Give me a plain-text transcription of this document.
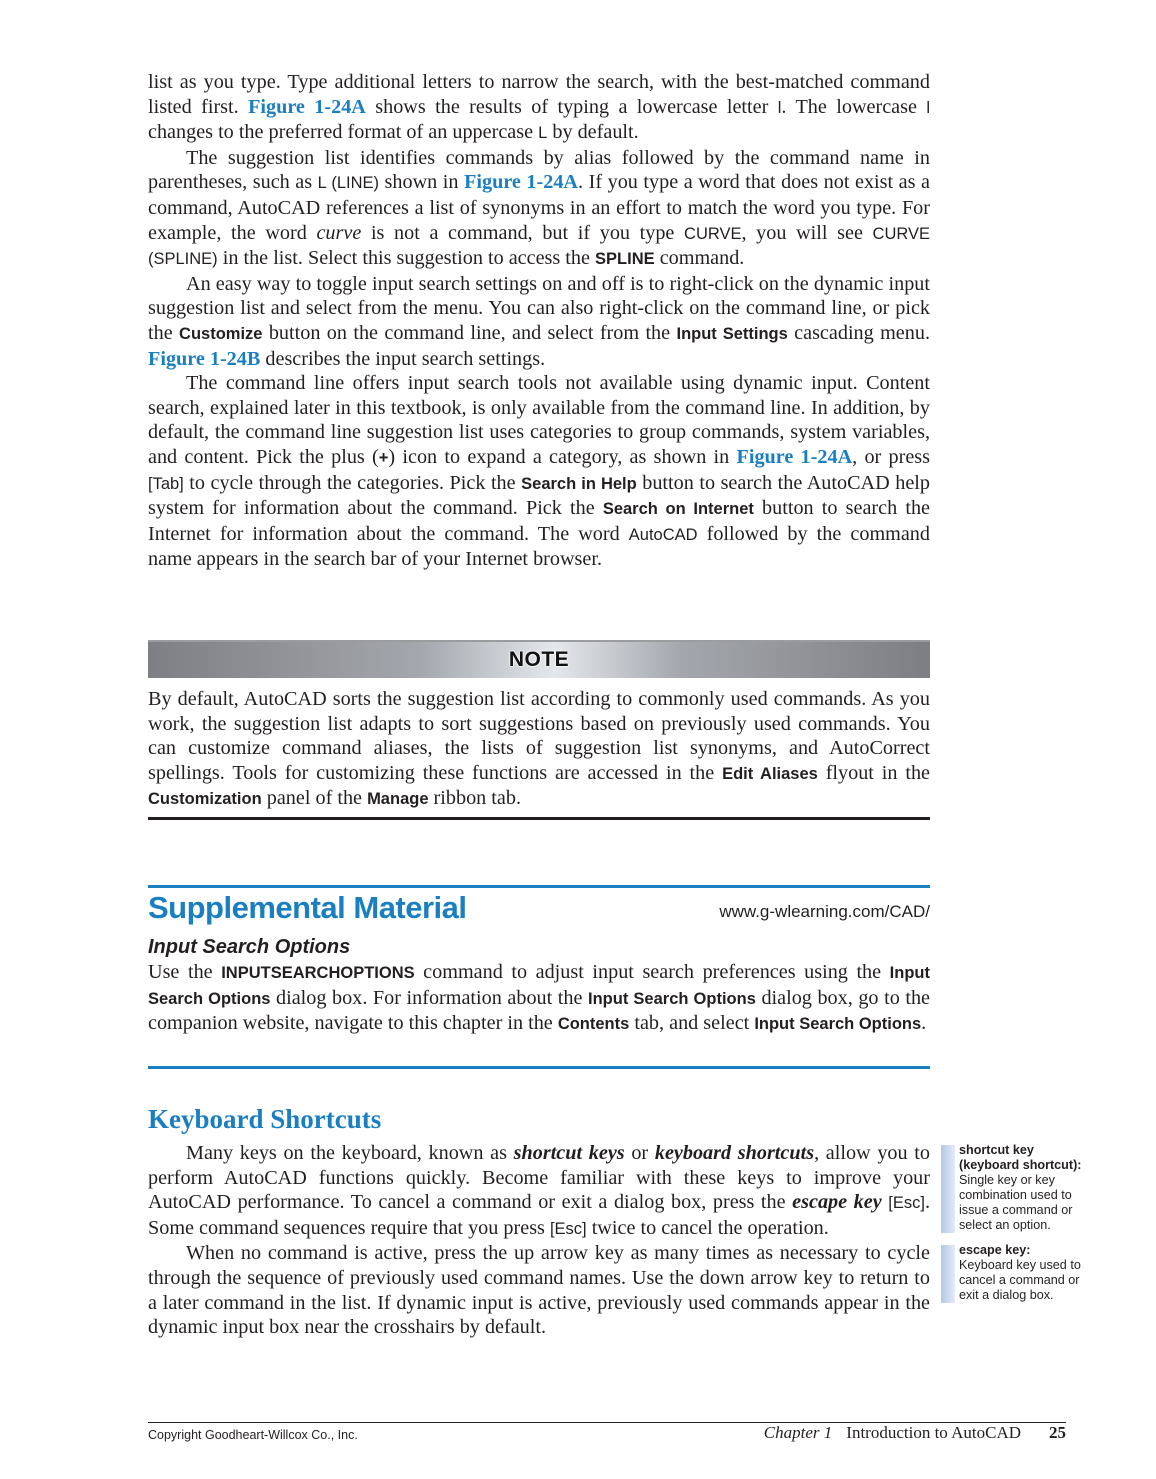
list as you type. Type additional letters to narrow the search, with the best-matched command listed first. Figure 1-24A shows the results of typing a lowercase letter l. The lowercase l changes to the preferred format of an uppercase L by default.

The suggestion list identifies commands by alias followed by the command name in parentheses, such as L (LINE) shown in Figure 1-24A. If you type a word that does not exist as a command, AutoCAD references a list of synonyms in an effort to match the word you type. For example, the word curve is not a command, but if you type CURVE, you will see CURVE (SPLINE) in the list. Select this suggestion to access the SPLINE command.

An easy way to toggle input search settings on and off is to right-click on the dynamic input suggestion list and select from the menu. You can also right-click on the command line, or pick the Customize button on the command line, and select from the Input Settings cascading menu. Figure 1-24B describes the input search settings.

The command line offers input search tools not available using dynamic input. Content search, explained later in this textbook, is only available from the command line. In addition, by default, the command line suggestion list uses categories to group commands, system variables, and content. Pick the plus (+) icon to expand a category, as shown in Figure 1-24A, or press [Tab] to cycle through the categories. Pick the Search in Help button to search the AutoCAD help system for information about the command. Pick the Search on Internet button to search the Internet for information about the command. The word AutoCAD followed by the command name appears in the search bar of your Internet browser.

NOTE

By default, AutoCAD sorts the suggestion list according to commonly used commands. As you work, the suggestion list adapts to sort suggestions based on previously used commands. You can customize command aliases, the lists of suggestion list synonyms, and AutoCorrect spellings. Tools for customizing these functions are accessed in the Edit Aliases flyout in the Customization panel of the Manage ribbon tab.

Supplemental Material	www.g-wlearning.com/CAD/
Input Search Options

Use the INPUTSEARCHOPTIONS command to adjust input search preferences using the Input Search Options dialog box. For information about the Input Search Options dialog box, go to the companion website, navigate to this chapter in the Contents tab, and select Input Search Options.

Keyboard Shortcuts

Many keys on the keyboard, known as shortcut keys or keyboard shortcuts, allow you to perform AutoCAD functions quickly. Become familiar with these keys to improve your AutoCAD performance. To cancel a command or exit a dialog box, press the escape key [Esc]. Some command sequences require that you press [Esc] twice to cancel the operation.

When no command is active, press the up arrow key as many times as necessary to cycle through the sequence of previously used command names. Use the down arrow key to return to a later command in the list. If dynamic input is active, previously used commands appear in the dynamic input box near the crosshairs by default.

shortcut key (keyboard shortcut):
Single key or key combination used to issue a command or select an option.
escape key:
Keyboard key used to cancel a command or exit a dialog box.
Copyright Goodheart-Willcox Co., Inc.	Chapter 1 Introduction to AutoCAD 25
